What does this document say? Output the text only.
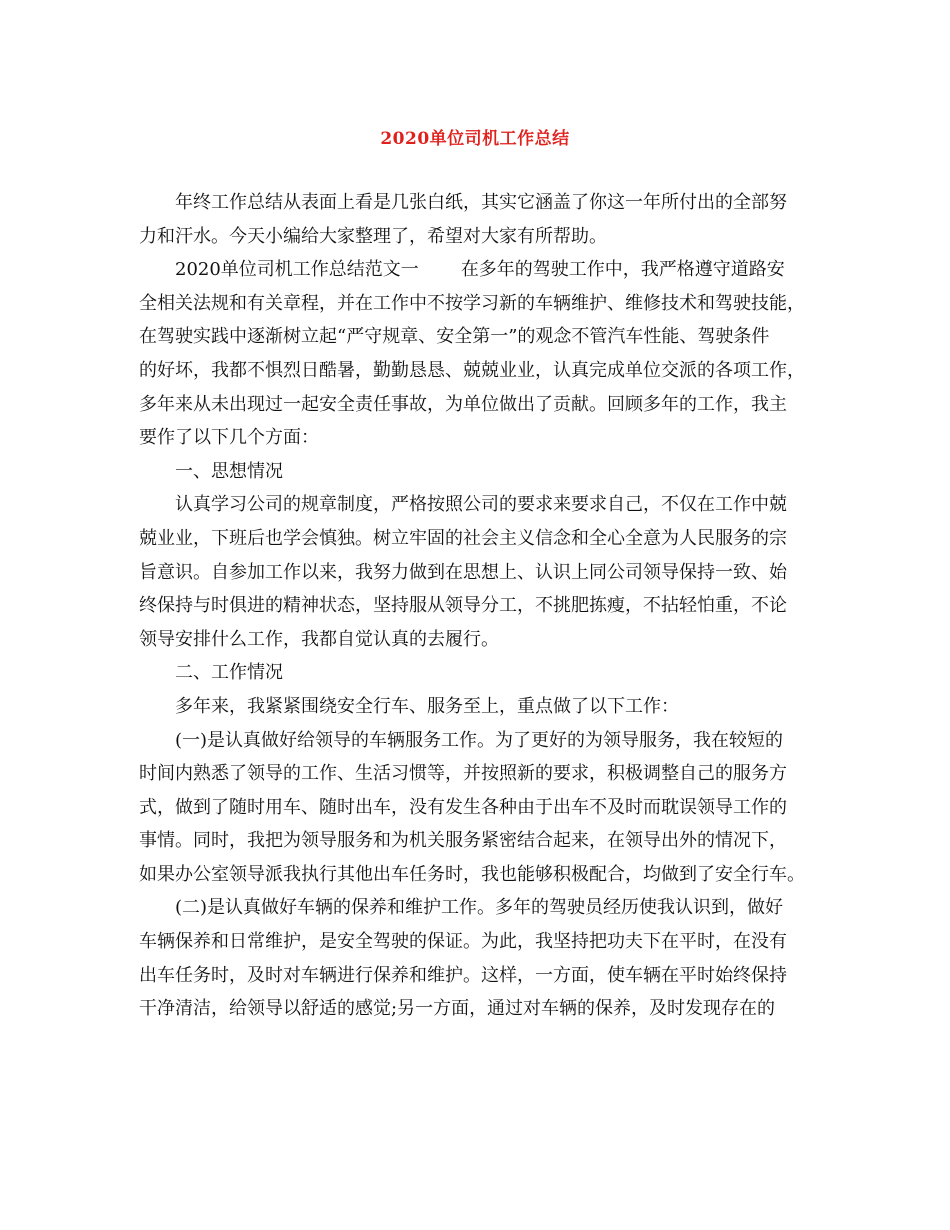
2020单位司机工作总结
年终工作总结从表面上看是几张白纸，其实它涵盖了你这一年所付出的全部努
力和汗水。今天小编给大家整理了，希望对大家有所帮助。
2020单位司机工作总结范文一 在多年的驾驶工作中，我严格遵守道路安
全相关法规和有关章程，并在工作中不按学习新的车辆维护、维修技术和驾驶技能，
在驾驶实践中逐渐树立起“严守规章、安全第一”的观念不管汽车性能、驾驶条件
的好坏，我都不惧烈日酷暑，勤勤恳恳、兢兢业业，认真完成单位交派的各项工作，
多年来从未出现过一起安全责任事故，为单位做出了贡献。回顾多年的工作，我主
要作了以下几个方面：
一、思想情况
认真学习公司的规章制度，严格按照公司的要求来要求自己，不仅在工作中兢
兢业业，下班后也学会慎独。树立牢固的社会主义信念和全心全意为人民服务的宗
旨意识。自参加工作以来，我努力做到在思想上、认识上同公司领导保持一致、始
终保持与时俱进的精神状态，坚持服从领导分工，不挑肥拣瘦，不拈轻怕重，不论
领导安排什么工作，我都自觉认真的去履行。
二、工作情况
多年来，我紧紧围绕安全行车、服务至上，重点做了以下工作：
(一)是认真做好给领导的车辆服务工作。为了更好的为领导服务，我在较短的
时间内熟悉了领导的工作、生活习惯等，并按照新的要求，积极调整自己的服务方
式，做到了随时用车、随时出车，没有发生各种由于出车不及时而耽误领导工作的
事情。同时，我把为领导服务和为机关服务紧密结合起来，在领导出外的情况下，
如果办公室领导派我执行其他出车任务时，我也能够积极配合，均做到了安全行车。
(二)是认真做好车辆的保养和维护工作。多年的驾驶员经历使我认识到，做好
车辆保养和日常维护，是安全驾驶的保证。为此，我坚持把功夫下在平时，在没有
出车任务时，及时对车辆进行保养和维护。这样，一方面，使车辆在平时始终保持
干净清洁，给领导以舒适的感觉;另一方面，通过对车辆的保养，及时发现存在的
